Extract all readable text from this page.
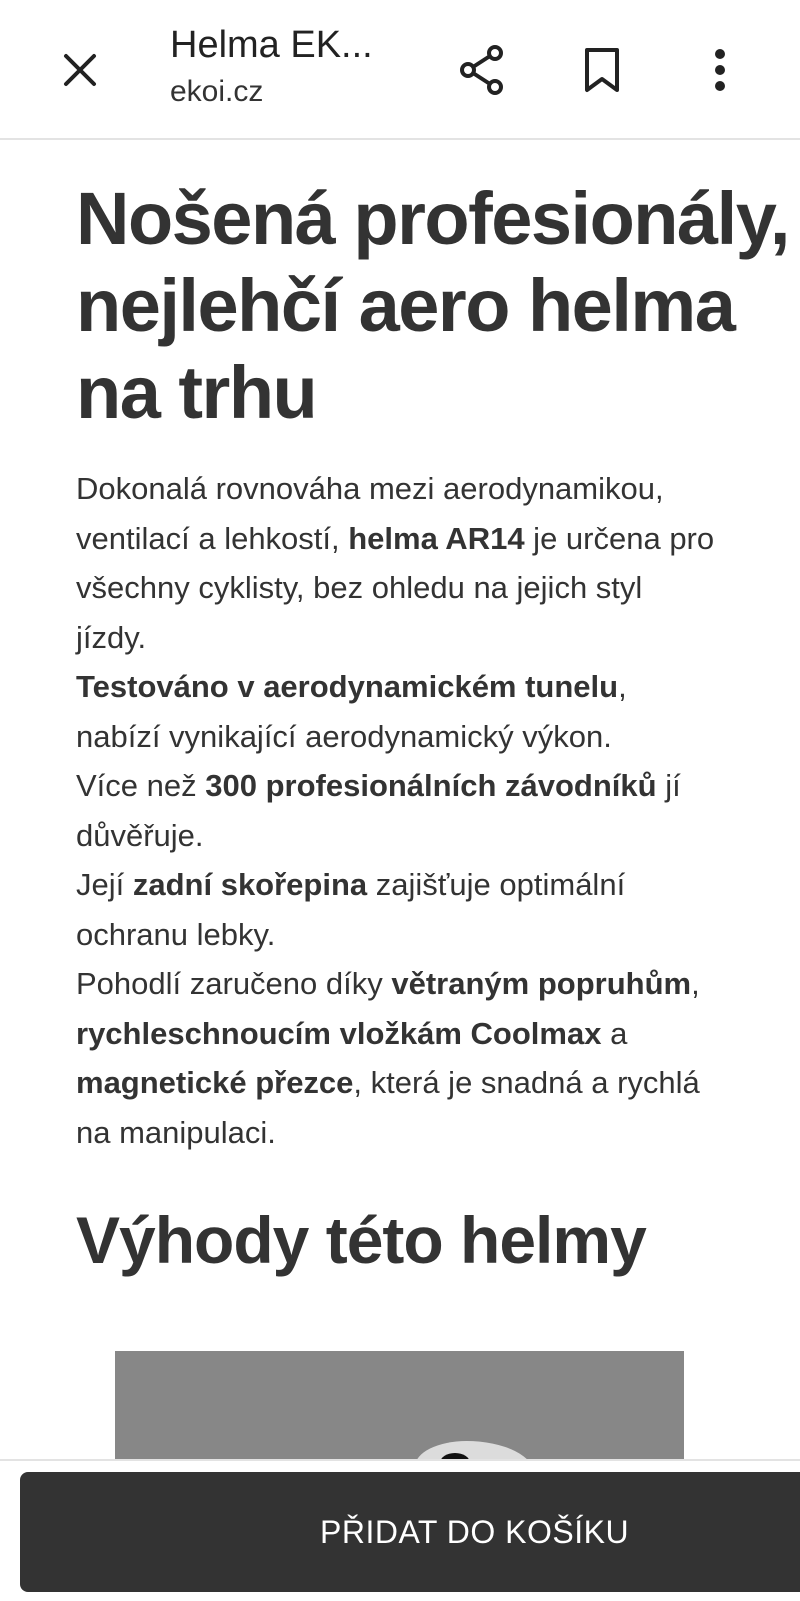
Helma EK...
ekoi.cz
Nošená profesionály, nejlehčí aero helma na trhu

Dokonalá rovnováha mezi aerodynamikou, ventilací a lehkostí, helma AR14 je určena pro všechny cyklisty, bez ohledu na jejich styl jízdy.
Testováno v aerodynamickém tunelu, nabízí vynikající aerodynamický výkon.
Více než 300 profesionálních závodníků jí důvěřuje.
Její zadní skořepina zajišťuje optimální ochranu lebky.
Pohodlí zaručeno díky větraným popruhům, rychleschnoucím vložkám Coolmax a magnetické přezce, která je snadná a rychlá na manipulaci.

Výhody této helmy
PŘIDAT DO KOŠÍKU
